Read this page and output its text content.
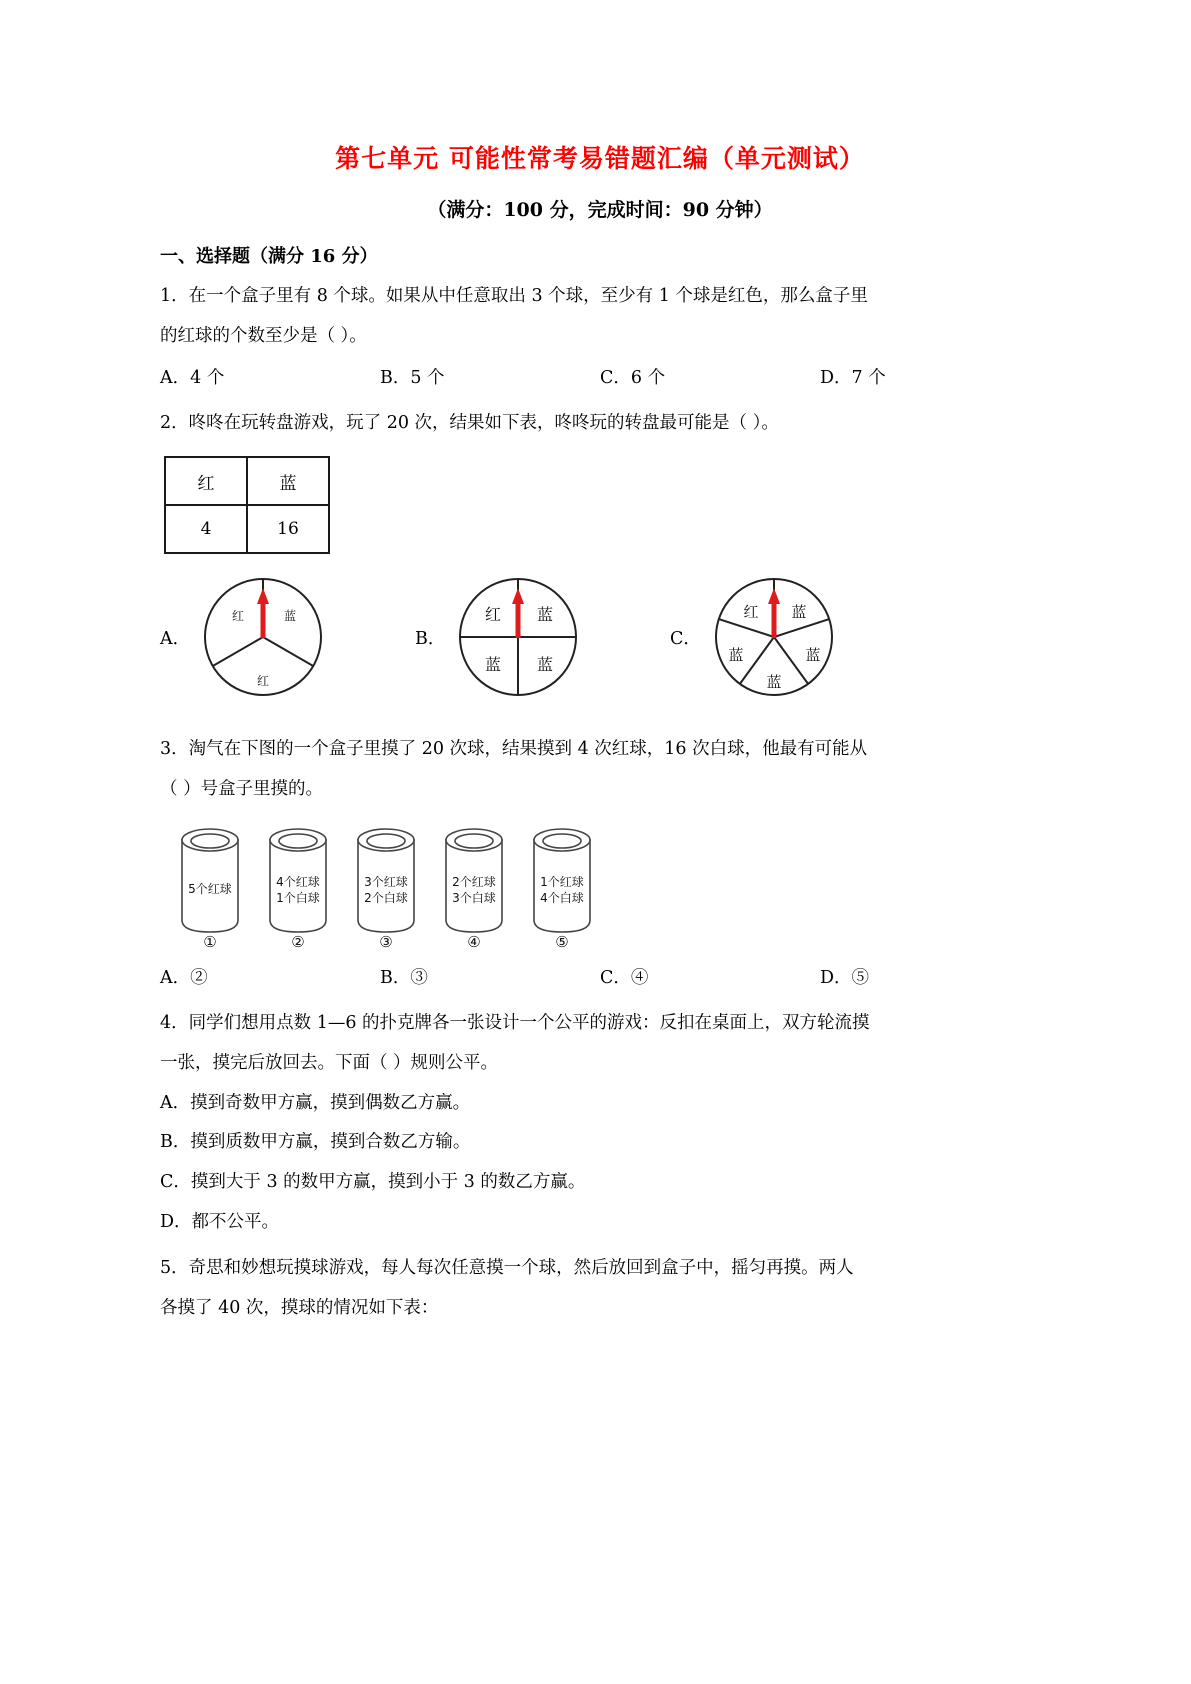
第七单元 可能性常考易错题汇编（单元测试）
（满分：100 分，完成时间：90 分钟）
一、选择题（满分 16 分）
1．在一个盒子里有 8 个球。如果从中任意取出 3 个球，至少有 1 个球是红色，那么盒子里
的红球的个数至少是（ ）。
A．4 个	B．5 个	C．6 个	D．7 个
2．咚咚在玩转盘游戏，玩了 20 次，结果如下表，咚咚玩的转盘最可能是（ ）。
红	蓝
4	16
A．
红	蓝
红
B．
红 蓝
蓝 蓝
C．
红 蓝
蓝	蓝
蓝
3．淘气在下图的一个盒子里摸了 20 次球，结果摸到 4 次红球，16 次白球，他最有可能从
（ ）号盒子里摸的。
5个红球
①
4个红球
1个白球
②
3个红球
2个白球
③
2个红球
3个白球
④
1个红球
4个白球
⑤
A．②	B．③	C．④	D．⑤
4．同学们想用点数 1—6 的扑克牌各一张设计一个公平的游戏：反扣在桌面上，双方轮流摸
一张，摸完后放回去。下面（ ）规则公平。
A．摸到奇数甲方赢，摸到偶数乙方赢。
B．摸到质数甲方赢，摸到合数乙方输。
C．摸到大于 3 的数甲方赢，摸到小于 3 的数乙方赢。
D．都不公平。
5．奇思和妙想玩摸球游戏，每人每次任意摸一个球，然后放回到盒子中，摇匀再摸。两人
各摸了 40 次，摸球的情况如下表：
